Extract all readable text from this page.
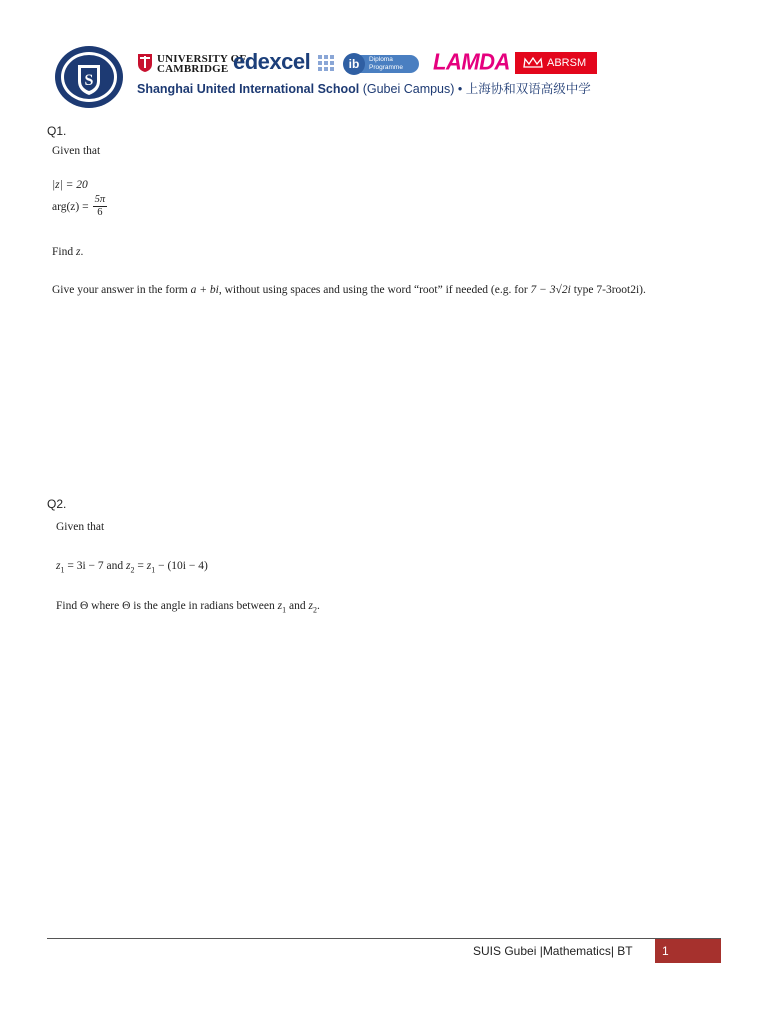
S
UNIVERSITY OF
CAMBRIDGE edexcel	ib Diploma
Programme LAMDA	ABRSM
Shanghai United International School (Gubei Campus) • 上海协和双语高级中学
Q1.
Given that
|z| = 20
$arg(z) = \frac{5\pi}{6}$
Find z.
Give your answer in the form a + bi, without using spaces and using the word “root” if needed (e.g. for 7 − 3√2i type 7-3root2i).
Q2.
Given that
$z_1 = 3i - 7$ and $z_2 = z_1 - (10i - 4)$
Find Θ where Θ is the angle in radians between $z_1$ and $z_2$.
SUIS Gubei |Mathematics| BT 1
